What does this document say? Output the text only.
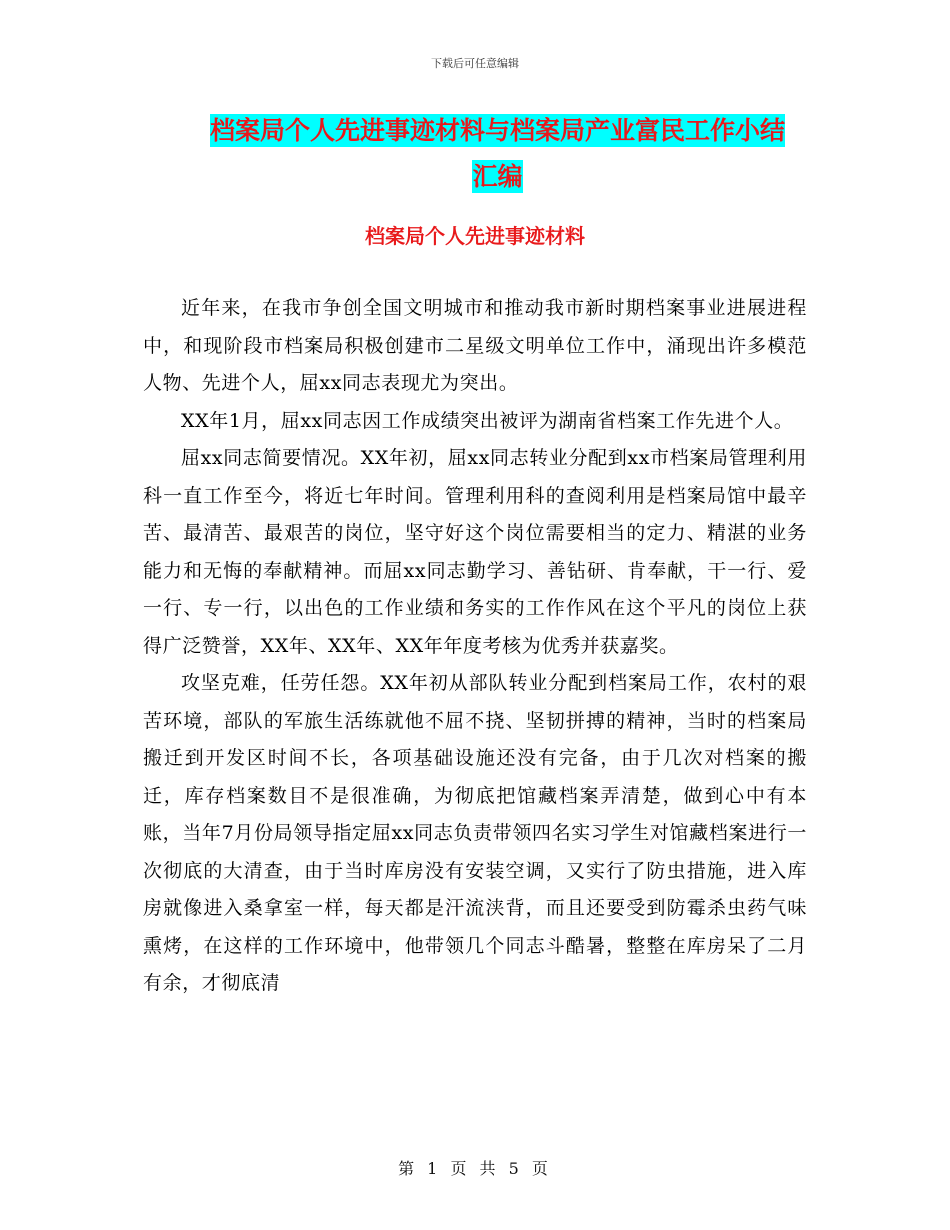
下载后可任意编辑
档案局个人先进事迹材料与档案局产业富民工作小结
汇编
档案局个人先进事迹材料

近年来，在我市争创全国文明城市和推动我市新时期档案事业进展进程中，和现阶段市档案局积极创建市二星级文明单位工作中，涌现出许多模范人物、先进个人，屈xx同志表现尤为突出。

XX年1月，屈xx同志因工作成绩突出被评为湖南省档案工作先进个人。

屈xx同志简要情况。XX年初，屈xx同志转业分配到xx市档案局管理利用科一直工作至今，将近七年时间。管理利用科的查阅利用是档案局馆中最辛苦、最清苦、最艰苦的岗位，坚守好这个岗位需要相当的定力、精湛的业务能力和无悔的奉献精神。而屈xx同志勤学习、善钻研、肯奉献，干一行、爱一行、专一行，以出色的工作业绩和务实的工作作风在这个平凡的岗位上获得广泛赞誉，XX年、XX年、XX年年度考核为优秀并获嘉奖。

攻坚克难，任劳任怨。XX年初从部队转业分配到档案局工作，农村的艰苦环境，部队的军旅生活练就他不屈不挠、坚韧拼搏的精神，当时的档案局搬迁到开发区时间不长，各项基础设施还没有完备，由于几次对档案的搬迁，库存档案数目不是很准确，为彻底把馆藏档案弄清楚，做到心中有本账，当年7月份局领导指定屈xx同志负责带领四名实习学生对馆藏档案进行一次彻底的大清查，由于当时库房没有安装空调，又实行了防虫措施，进入库房就像进入桑拿室一样，每天都是汗流浃背，而且还要受到防霉杀虫药气味熏烤，在这样的工作环境中，他带领几个同志斗酷暑，整整在库房呆了二月有余，才彻底清

第 1 页 共 5 页
